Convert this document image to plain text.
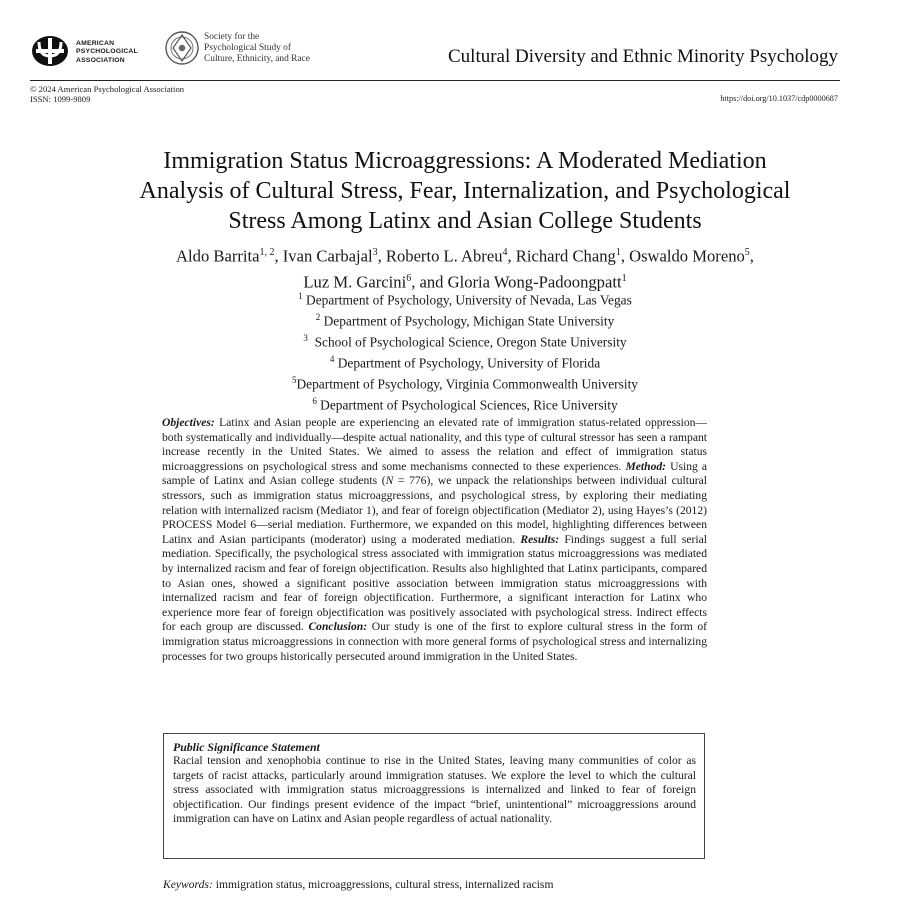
AMERICAN
PSYCHOLOGICAL
ASSOCIATION
Society for the
Psychological Study of
Culture, Ethnicity, and Race	Cultural Diversity and Ethnic Minority Psychology
© 2024 American Psychological Association
ISSN: 1099-9809	https://doi.org/10.1037/cdp0000687
Immigration Status Microaggressions: A Moderated Mediation
Analysis of Cultural Stress, Fear, Internalization, and Psychological
Stress Among Latinx and Asian College Students
Aldo Barrita$^{1, 2}$, Ivan Carbajal$^3$, Roberto L. Abreu$^4$, Richard Chang$^1$, Oswaldo Moreno$^5$,
Luz M. Garcini$^6$, and Gloria Wong-Padoongpatt$^1$
$^1$ Department of Psychology, University of Nevada, Las Vegas
$^2$ Department of Psychology, Michigan State University
$^3$ School of Psychological Science, Oregon State University
$^4$ Department of Psychology, University of Florida
$^5$Department of Psychology, Virginia Commonwealth University
$^6$ Department of Psychological Sciences, Rice University
Objectives: Latinx and Asian people are experiencing an elevated rate of immigration status-related oppression—both systematically and individually—despite actual nationality, and this type of cultural stressor has seen a rampant increase recently in the United States. We aimed to assess the relation and effect of immigration status microaggressions on psychological stress and some mechanisms connected to these experiences. Method: Using a sample of Latinx and Asian college students (N = 776), we unpack the relationships between individual cultural stressors, such as immigration status microaggressions, and psychological stress, by exploring their mediating relation with internalized racism (Mediator 1), and fear of foreign objectification (Mediator 2), using Hayes’s (2012) PROCESS Model 6—serial mediation. Furthermore, we expanded on this model, highlighting differences between Latinx and Asian participants (moderator) using a moderated mediation. Results: Findings suggest a full serial mediation. Specifically, the psychological stress associated with immigration status microaggressions was mediated by internalized racism and fear of foreign objectification. Results also highlighted that Latinx participants, compared to Asian ones, showed a significant positive association between immigration status microaggressions with internalized racism and fear of foreign objectification. Furthermore, a significant interaction for Latinx who experience more fear of foreign objectification was positively associated with psychological stress. Indirect effects for each group are discussed. Conclusion: Our study is one of the first to explore cultural stress in the form of immigration status microaggressions in connection with more general forms of psychological stress and internalizing processes for two groups historically persecuted around immigration in the United States.
Public Significance Statement
Racial tension and xenophobia continue to rise in the United States, leaving many communities of color as targets of racist attacks, particularly around immigration statuses. We explore the level to which the cultural stress associated with immigration status microaggressions is internalized and linked to fear of foreign objectification. Our findings present evidence of the impact “brief, unintentional” microaggressions around immigration can have on Latinx and Asian people regardless of actual nationality.
Keywords: immigration status, microaggressions, cultural stress, internalized racism
